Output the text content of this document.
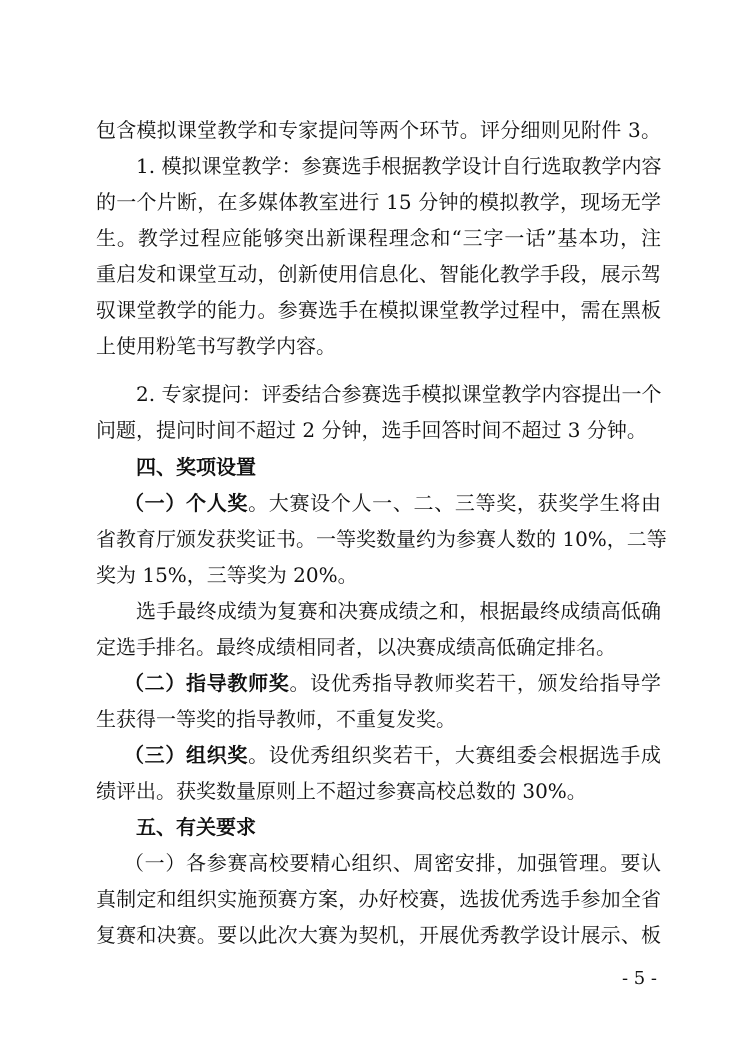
包含模拟课堂教学和专家提问等两个环节。评分细则见附件 3。

1. 模拟课堂教学：参赛选手根据教学设计自行选取教学内容

的一个片断，在多媒体教室进行 15 分钟的模拟教学，现场无学

生。教学过程应能够突出新课程理念和“三字一话”基本功，注

重启发和课堂互动，创新使用信息化、智能化教学手段，展示驾

驭课堂教学的能力。参赛选手在模拟课堂教学过程中，需在黑板

上使用粉笔书写教学内容。

2. 专家提问：评委结合参赛选手模拟课堂教学内容提出一个

问题，提问时间不超过 2 分钟，选手回答时间不超过 3 分钟。

四、奖项设置

（一）个人奖。大赛设个人一、二、三等奖，获奖学生将由

省教育厅颁发获奖证书。一等奖数量约为参赛人数的 10%，二等

奖为 15%，三等奖为 20%。

选手最终成绩为复赛和决赛成绩之和，根据最终成绩高低确

定选手排名。最终成绩相同者，以决赛成绩高低确定排名。

（二）指导教师奖。设优秀指导教师奖若干，颁发给指导学

生获得一等奖的指导教师，不重复发奖。

（三）组织奖。设优秀组织奖若干，大赛组委会根据选手成

绩评出。获奖数量原则上不超过参赛高校总数的 30%。

五、有关要求

（一）各参赛高校要精心组织、周密安排，加强管理。要认

真制定和组织实施预赛方案，办好校赛，选拔优秀选手参加全省

复赛和决赛。要以此次大赛为契机，开展优秀教学设计展示、板

- 5 -
